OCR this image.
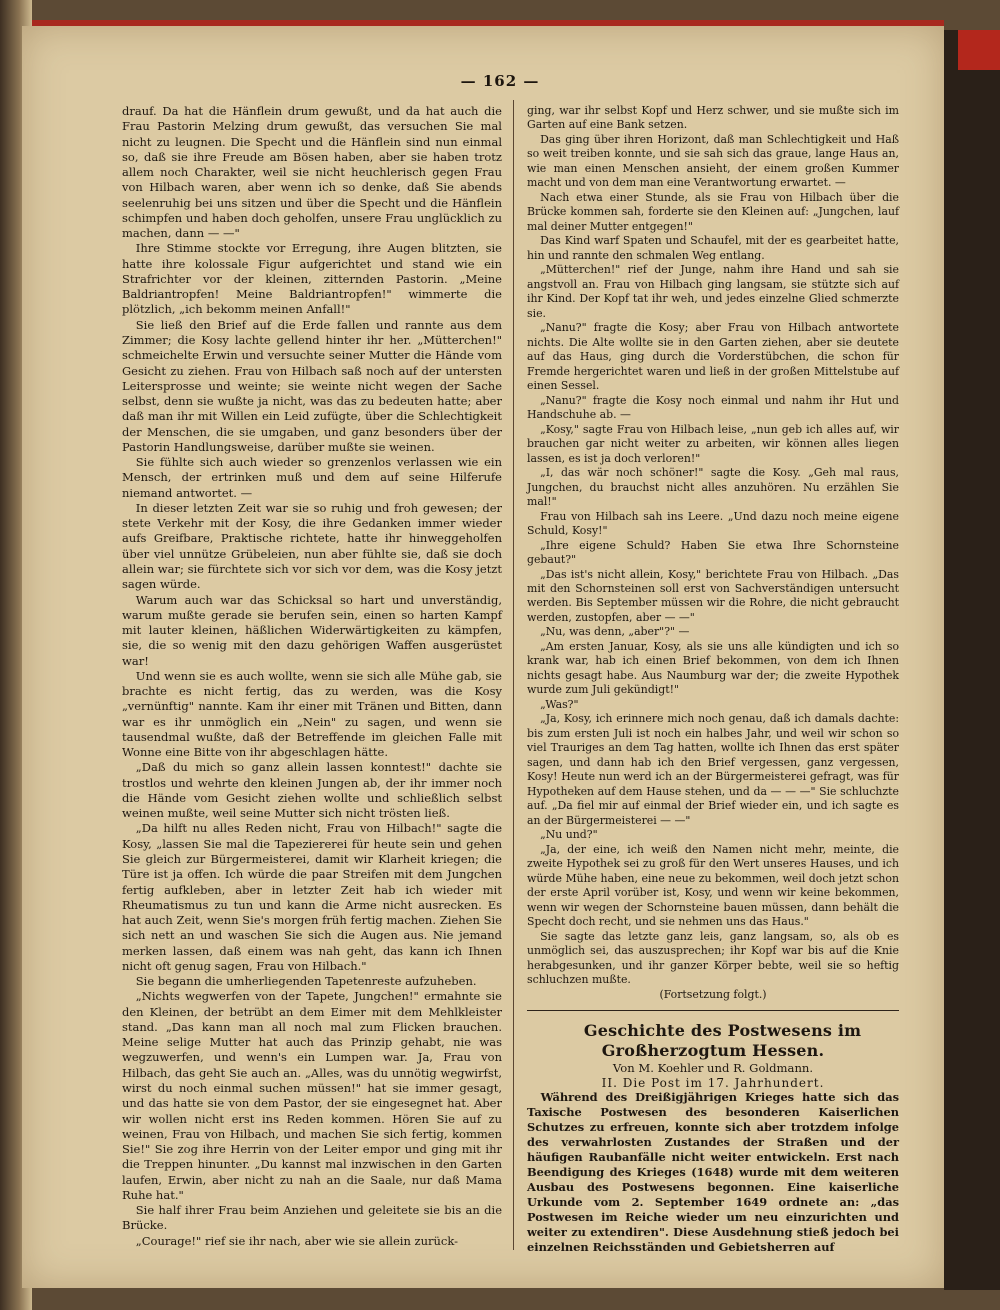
— 162 —

drauf. Da hat die Hänflein drum gewußt, und da hat auch die Frau Pastorin Melzing drum gewußt, das versuchen Sie mal nicht zu leugnen. Die Specht und die Hänflein sind nun einmal so, daß sie ihre Freude am Bösen haben, aber sie haben trotz allem noch Charakter, weil sie nicht heuchlerisch gegen Frau von Hilbach waren, aber wenn ich so denke, daß Sie abends seelenruhig bei uns sitzen und über die Specht und die Hänflein schimpfen und haben doch geholfen, unsere Frau unglücklich zu machen, dann — —"

Ihre Stimme stockte vor Erregung, ihre Augen blitzten, sie hatte ihre kolossale Figur aufgerichtet und stand wie ein Strafrichter vor der kleinen, zitternden Pastorin. „Meine Baldriantropfen! Meine Baldriantropfen!" wimmerte die plötzlich, „ich bekomm meinen Anfall!"

Sie ließ den Brief auf die Erde fallen und rannte aus dem Zimmer; die Kosy lachte gellend hinter ihr her. „Mütterchen!" schmeichelte Erwin und versuchte seiner Mutter die Hände vom Gesicht zu ziehen. Frau von Hilbach saß noch auf der untersten Leitersprosse und weinte; sie weinte nicht wegen der Sache selbst, denn sie wußte ja nicht, was das zu bedeuten hatte; aber daß man ihr mit Willen ein Leid zufügte, über die Schlechtigkeit der Menschen, die sie umgaben, und ganz besonders über der Pastorin Handlungsweise, darüber mußte sie weinen.

Sie fühlte sich auch wieder so grenzenlos verlassen wie ein Mensch, der ertrinken muß und dem auf seine Hilferufe niemand antwortet. —

In dieser letzten Zeit war sie so ruhig und froh gewesen; der stete Verkehr mit der Kosy, die ihre Gedanken immer wieder aufs Greifbare, Praktische richtete, hatte ihr hinweggeholfen über viel unnütze Grübeleien, nun aber fühlte sie, daß sie doch allein war; sie fürchtete sich vor sich vor dem, was die Kosy jetzt sagen würde.

Warum auch war das Schicksal so hart und unverständig, warum mußte gerade sie berufen sein, einen so harten Kampf mit lauter kleinen, häßlichen Widerwärtigkeiten zu kämpfen, sie, die so wenig mit den dazu gehörigen Waffen ausgerüstet war!

Und wenn sie es auch wollte, wenn sie sich alle Mühe gab, sie brachte es nicht fertig, das zu werden, was die Kosy „vernünftig" nannte. Kam ihr einer mit Tränen und Bitten, dann war es ihr unmöglich ein „Nein" zu sagen, und wenn sie tausendmal wußte, daß der Betreffende im gleichen Falle mit Wonne eine Bitte von ihr abgeschlagen hätte.

„Daß du mich so ganz allein lassen konntest!" dachte sie trostlos und wehrte den kleinen Jungen ab, der ihr immer noch die Hände vom Gesicht ziehen wollte und schließlich selbst weinen mußte, weil seine Mutter sich nicht trösten ließ.

„Da hilft nu alles Reden nicht, Frau von Hilbach!" sagte die Kosy, „lassen Sie mal die Tapeziererei für heute sein und gehen Sie gleich zur Bürgermeisterei, damit wir Klarheit kriegen; die Türe ist ja offen. Ich würde die paar Streifen mit dem Jungchen fertig aufkleben, aber in letzter Zeit hab ich wieder mit Rheumatismus zu tun und kann die Arme nicht ausrecken. Es hat auch Zeit, wenn Sie's morgen früh fertig machen. Ziehen Sie sich nett an und waschen Sie sich die Augen aus. Nie jemand merken lassen, daß einem was nah geht, das kann ich Ihnen nicht oft genug sagen, Frau von Hilbach."

Sie begann die umherliegenden Tapetenreste aufzuheben.

„Nichts wegwerfen von der Tapete, Jungchen!" ermahnte sie den Kleinen, der betrübt an dem Eimer mit dem Mehlkleister stand. „Das kann man all noch mal zum Flicken brauchen. Meine selige Mutter hat auch das Prinzip gehabt, nie was wegzuwerfen, und wenn's ein Lumpen war. Ja, Frau von Hilbach, das geht Sie auch an. „Alles, was du unnötig wegwirfst, wirst du noch einmal suchen müssen!" hat sie immer gesagt, und das hatte sie von dem Pastor, der sie eingesegnet hat. Aber wir wollen nicht erst ins Reden kommen. Hören Sie auf zu weinen, Frau von Hilbach, und machen Sie sich fertig, kommen Sie!" Sie zog ihre Herrin von der Leiter empor und ging mit ihr die Treppen hinunter. „Du kannst mal inzwischen in den Garten laufen, Erwin, aber nicht zu nah an die Saale, nur daß Mama Ruhe hat."

Sie half ihrer Frau beim Anziehen und geleitete sie bis an die Brücke.

„Courage!" rief sie ihr nach, aber wie sie allein zurück-

ging, war ihr selbst Kopf und Herz schwer, und sie mußte sich im Garten auf eine Bank setzen.

Das ging über ihren Horizont, daß man Schlechtigkeit und Haß so weit treiben konnte, und sie sah sich das graue, lange Haus an, wie man einen Menschen ansieht, der einem großen Kummer macht und von dem man eine Verantwortung erwartet. —

Nach etwa einer Stunde, als sie Frau von Hilbach über die Brücke kommen sah, forderte sie den Kleinen auf: „Jungchen, lauf mal deiner Mutter entgegen!"

Das Kind warf Spaten und Schaufel, mit der es gearbeitet hatte, hin und rannte den schmalen Weg entlang.

„Mütterchen!" rief der Junge, nahm ihre Hand und sah sie angstvoll an. Frau von Hilbach ging langsam, sie stützte sich auf ihr Kind. Der Kopf tat ihr weh, und jedes einzelne Glied schmerzte sie.

„Nanu?" fragte die Kosy; aber Frau von Hilbach antwortete nichts. Die Alte wollte sie in den Garten ziehen, aber sie deutete auf das Haus, ging durch die Vorderstübchen, die schon für Fremde hergerichtet waren und ließ in der großen Mittelstube auf einen Sessel.

„Nanu?" fragte die Kosy noch einmal und nahm ihr Hut und Handschuhe ab. —

„Kosy," sagte Frau von Hilbach leise, „nun geb ich alles auf, wir brauchen gar nicht weiter zu arbeiten, wir können alles liegen lassen, es ist ja doch verloren!"

„I, das wär noch schöner!" sagte die Kosy. „Geh mal raus, Jungchen, du brauchst nicht alles anzuhören. Nu erzählen Sie mal!"

Frau von Hilbach sah ins Leere. „Und dazu noch meine eigene Schuld, Kosy!"

„Ihre eigene Schuld? Haben Sie etwa Ihre Schornsteine gebaut?"

„Das ist's nicht allein, Kosy," berichtete Frau von Hilbach. „Das mit den Schornsteinen soll erst von Sachverständigen untersucht werden. Bis September müssen wir die Rohre, die nicht gebraucht werden, zustopfen, aber — —"

„Nu, was denn, „aber"?" —

„Am ersten Januar, Kosy, als sie uns alle kündigten und ich so krank war, hab ich einen Brief bekommen, von dem ich Ihnen nichts gesagt habe. Aus Naumburg war der; die zweite Hypothek wurde zum Juli gekündigt!"

„Was?"

„Ja, Kosy, ich erinnere mich noch genau, daß ich damals dachte: bis zum ersten Juli ist noch ein halbes Jahr, und weil wir schon so viel Trauriges an dem Tag hatten, wollte ich Ihnen das erst später sagen, und dann hab ich den Brief vergessen, ganz vergessen, Kosy! Heute nun werd ich an der Bürgermeisterei gefragt, was für Hypotheken auf dem Hause stehen, und da — — —" Sie schluchzte auf. „Da fiel mir auf einmal der Brief wieder ein, und ich sagte es an der Bürgermeisterei — —"

„Nu und?"

„Ja, der eine, ich weiß den Namen nicht mehr, meinte, die zweite Hypothek sei zu groß für den Wert unseres Hauses, und ich würde Mühe haben, eine neue zu bekommen, weil doch jetzt schon der erste April vorüber ist, Kosy, und wenn wir keine bekommen, wenn wir wegen der Schornsteine bauen müssen, dann behält die Specht doch recht, und sie nehmen uns das Haus."

Sie sagte das letzte ganz leis, ganz langsam, so, als ob es unmöglich sei, das auszusprechen; ihr Kopf war bis auf die Knie herabgesunken, und ihr ganzer Körper bebte, weil sie so heftig schluchzen mußte.

(Fortsetzung folgt.)

Geschichte des Postwesens im Großherzogtum Hessen.

Von M. Koehler und R. Goldmann.

II. Die Post im 17. Jahrhundert.

Während des Dreißigjährigen Krieges hatte sich das Taxische Postwesen des besonderen Kaiserlichen Schutzes zu erfreuen, konnte sich aber trotzdem infolge des verwahrlosten Zustandes der Straßen und der häufigen Raubanfälle nicht weiter entwickeln. Erst nach Beendigung des Krieges (1648) wurde mit dem weiteren Ausbau des Postwesens begonnen. Eine kaiserliche Urkunde vom 2. September 1649 ordnete an: „das Postwesen im Reiche wieder um neu einzurichten und weiter zu extendiren". Diese Ausdehnung stieß jedoch bei einzelnen Reichsständen und Gebietsherren auf
